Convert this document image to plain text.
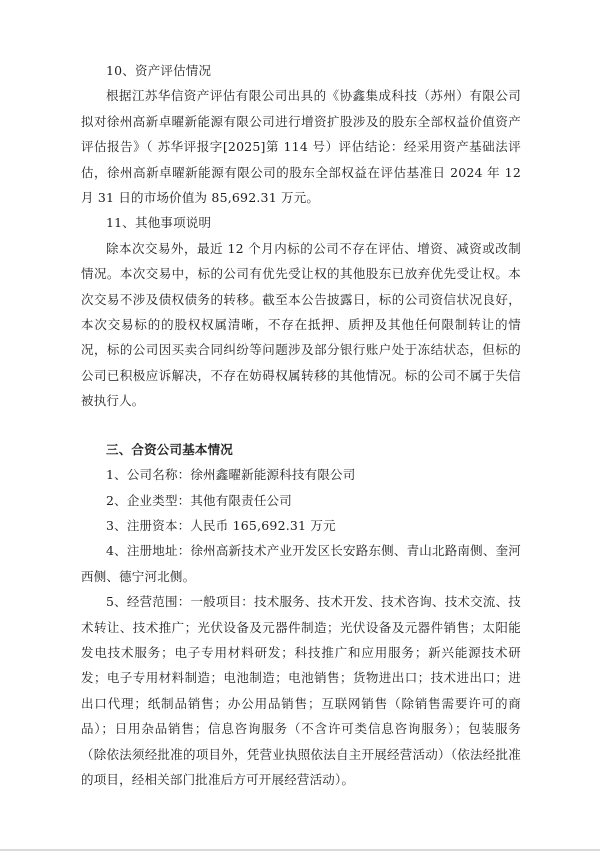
10、资产评估情况

根据江苏华信资产评估有限公司出具的《协鑫集成科技（苏州）有限公司拟对徐州高新卓曜新能源有限公司进行增资扩股涉及的股东全部权益价值资产评估报告》（ 苏华评报字[2025]第 114 号）评估结论：经采用资产基础法评估，徐州高新卓曜新能源有限公司的股东全部权益在评估基准日 2024 年 12 月 31 日的市场价值为 85,692.31 万元。

11、其他事项说明

除本次交易外，最近 12 个月内标的公司不存在评估、增资、减资或改制情况。本次交易中，标的公司有优先受让权的其他股东已放弃优先受让权。本次交易不涉及债权债务的转移。截至本公告披露日，标的公司资信状况良好，本次交易标的的股权权属清晰，不存在抵押、质押及其他任何限制转让的情况，标的公司因买卖合同纠纷等问题涉及部分银行账户处于冻结状态，但标的公司已积极应诉解决，不存在妨碍权属转移的其他情况。标的公司不属于失信被执行人。

三、合资公司基本情况

1、公司名称：徐州鑫曜新能源科技有限公司

2、企业类型：其他有限责任公司

3、注册资本：人民币 165,692.31 万元

4、注册地址：徐州高新技术产业开发区长安路东侧、青山北路南侧、奎河西侧、德宁河北侧。

5、经营范围：一般项目：技术服务、技术开发、技术咨询、技术交流、技术转让、技术推广；光伏设备及元器件制造；光伏设备及元器件销售；太阳能发电技术服务；电子专用材料研发；科技推广和应用服务；新兴能源技术研发；电子专用材料制造；电池制造；电池销售；货物进出口；技术进出口；进出口代理；纸制品销售；办公用品销售；互联网销售（除销售需要许可的商品）；日用杂品销售；信息咨询服务（不含许可类信息咨询服务）；包装服务（除依法须经批准的项目外，凭营业执照依法自主开展经营活动）（依法经批准的项目，经相关部门批准后方可开展经营活动）。
